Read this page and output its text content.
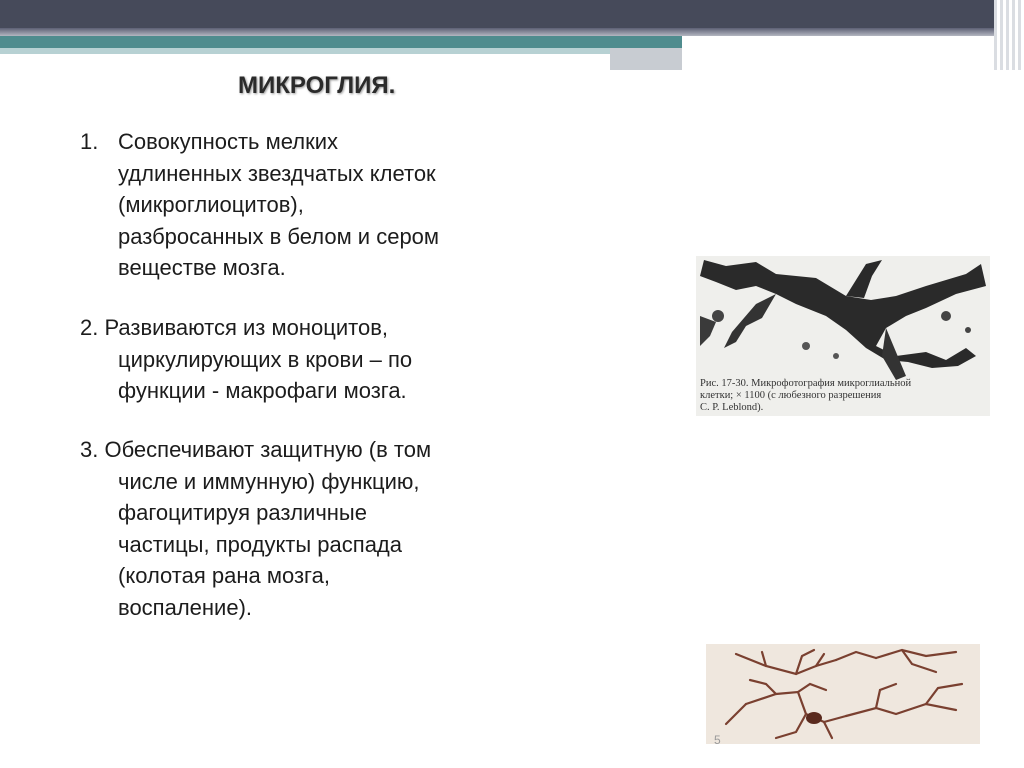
МИКРОГЛИЯ.
1. Совокупность мелких
удлиненных звездчатых клеток
(микроглиоцитов),
разбросанных в белом и сером
веществе мозга.
2. Развиваются из моноцитов,
циркулирующих в крови – по
функции - макрофаги мозга.
3. Обеспечивают защитную (в том
числе и иммунную) функцию,
фагоцитируя различные
частицы, продукты распада
(колотая рана мозга,
воспаление).
Рис. 17-30. Микрофотография микроглиальной
клетки; × 1100 (с любезного разрешения
C. P. Leblond).
5
